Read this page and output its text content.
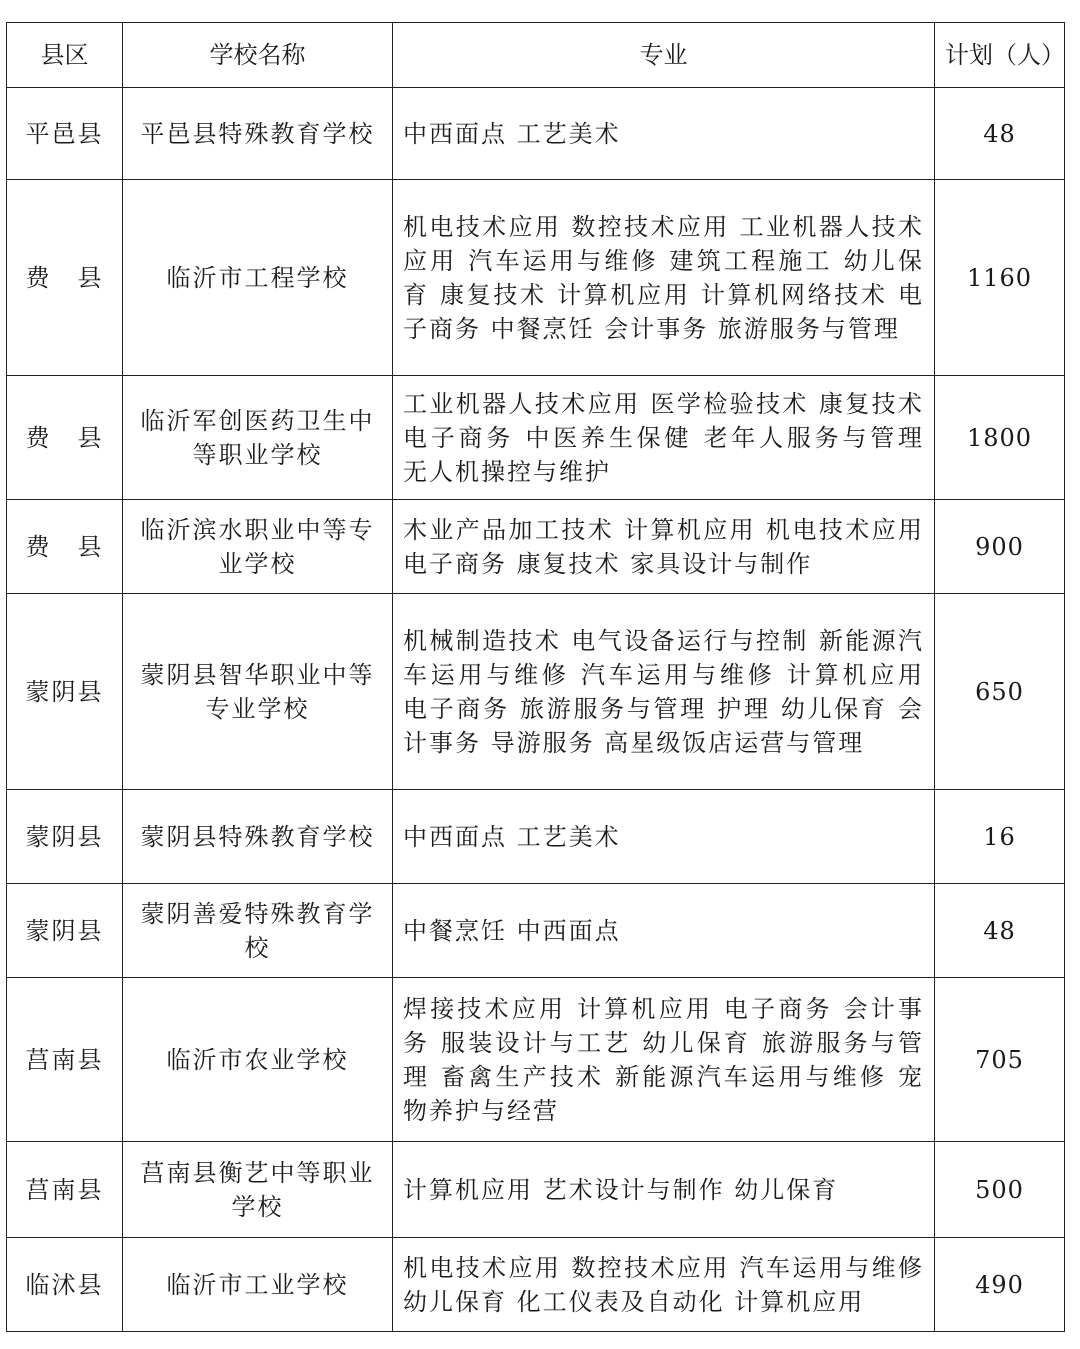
县区	学校名称	专业	计划（人）
平邑县	平邑县特殊教育学校	中西面点 工艺美术	48
费　县	临沂市工程学校	机电技术应用 数控技术应用 工业机器人技术应用 汽车运用与维修 建筑工程施工 幼儿保育 康复技术 计算机应用 计算机网络技术 电子商务 中餐烹饪 会计事务 旅游服务与管理	1160
费　县	临沂军创医药卫生中等职业学校	工业机器人技术应用 医学检验技术 康复技术 电子商务 中医养生保健 老年人服务与管理 无人机操控与维护	1800
费　县	临沂滨水职业中等专业学校	木业产品加工技术 计算机应用 机电技术应用 电子商务 康复技术 家具设计与制作	900
蒙阴县	蒙阴县智华职业中等专业学校	机械制造技术 电气设备运行与控制 新能源汽车运用与维修 汽车运用与维修 计算机应用 电子商务 旅游服务与管理 护理 幼儿保育 会计事务 导游服务 高星级饭店运营与管理	650
蒙阴县	蒙阴县特殊教育学校	中西面点 工艺美术	16
蒙阴县	蒙阴善爱特殊教育学校	中餐烹饪 中西面点	48
莒南县	临沂市农业学校	焊接技术应用 计算机应用 电子商务 会计事务 服装设计与工艺 幼儿保育 旅游服务与管理 畜禽生产技术 新能源汽车运用与维修 宠物养护与经营	705
莒南县	莒南县衡艺中等职业学校	计算机应用 艺术设计与制作 幼儿保育	500
临沭县	临沂市工业学校	机电技术应用 数控技术应用 汽车运用与维修 幼儿保育 化工仪表及自动化 计算机应用	490
